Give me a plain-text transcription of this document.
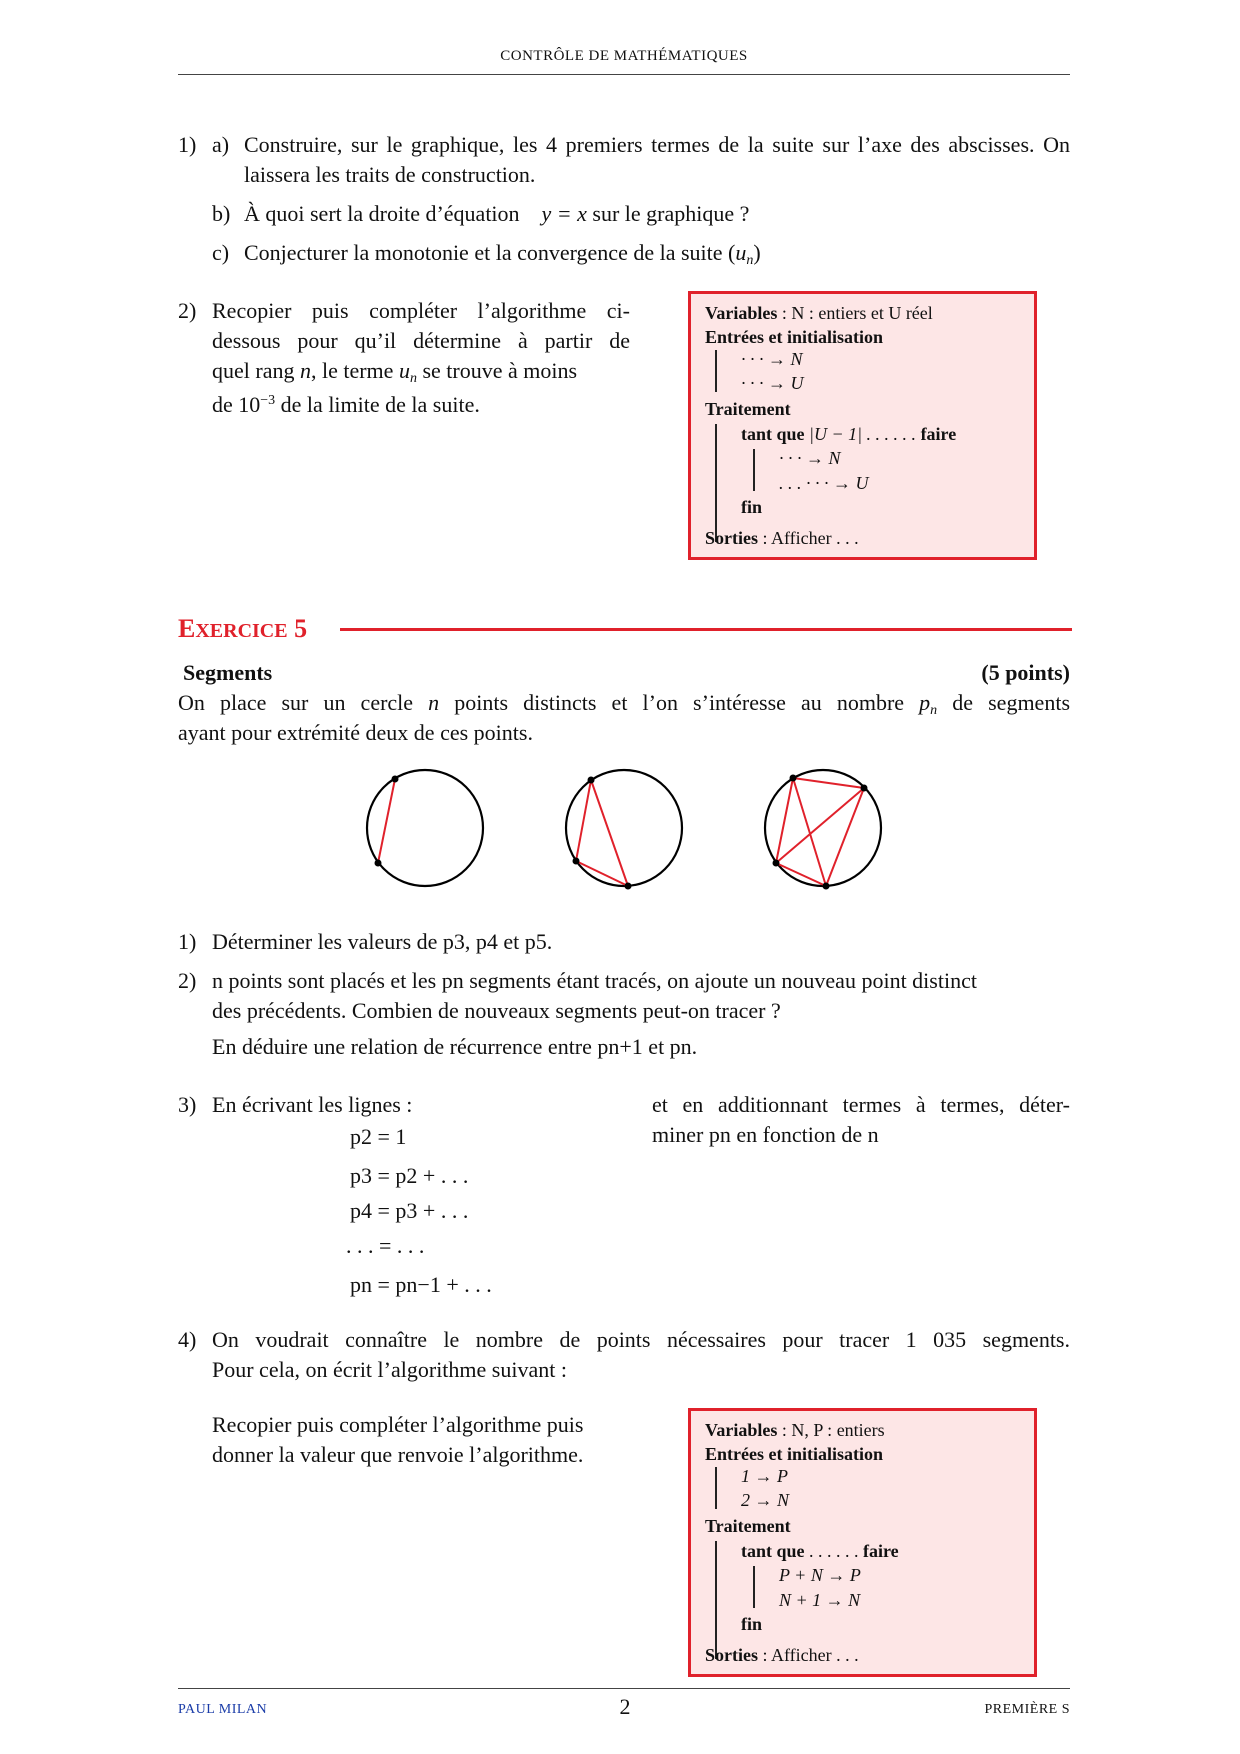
CONTRÔLE DE MATHÉMATIQUES
1) a) Construire, sur le graphique, les 4 premiers termes de la suite sur l’axe des abscisses. On laissera les traits de construction.
b) À quoi sert la droite d’équation y = x sur le graphique ?
c) Conjecturer la monotonie et la convergence de la suite $(u_n)$
2) Recopier puis compléter l’algorithme ci-
dessous pour qu’il détermine à partir de
quel rang n, le terme $u_n$ se trouve à moins
de $10^{-3}$ de la limite de la suite.
Variables : N : entiers et U réel
Entrées et initialisation
· · · → N
· · · → U
Traitement
tant que |U − 1| . . . . . . faire
· · · → N
. . . · · · → U
fin
Sorties : Afficher . . .
EXERCICE 5
Segments	(5 points)
On place sur un cercle n points distincts et l’on s’intéresse au nombre $p_n$ de segments
ayant pour extrémité deux de ces points.
1) Déterminer les valeurs de p3, p4 et p5.
2) n points sont placés et les pn segments étant tracés, on ajoute un nouveau point distinct
des précédents. Combien de nouveaux segments peut-on tracer ?
En déduire une relation de récurrence entre pn+1 et pn.
3) En écrivant les lignes :	et en additionnant termes à termes, déter-
miner pn en fonction de n
p2 = 1
p3 = p2 + . . .
p4 = p3 + . . .
. . . = . . .
pn = pn−1 + . . .
4) On voudrait connaître le nombre de points nécessaires pour tracer 1 035 segments.
Pour cela, on écrit l’algorithme suivant :
Recopier puis compléter l’algorithme puis
donner la valeur que renvoie l’algorithme.
Variables : N, P : entiers
Entrées et initialisation
1 → P
2 → N
Traitement
tant que . . . . . . faire
P + N → P
N + 1 → N
fin
Sorties : Afficher . . .
PAUL MILAN	2	PREMIÈRE S
